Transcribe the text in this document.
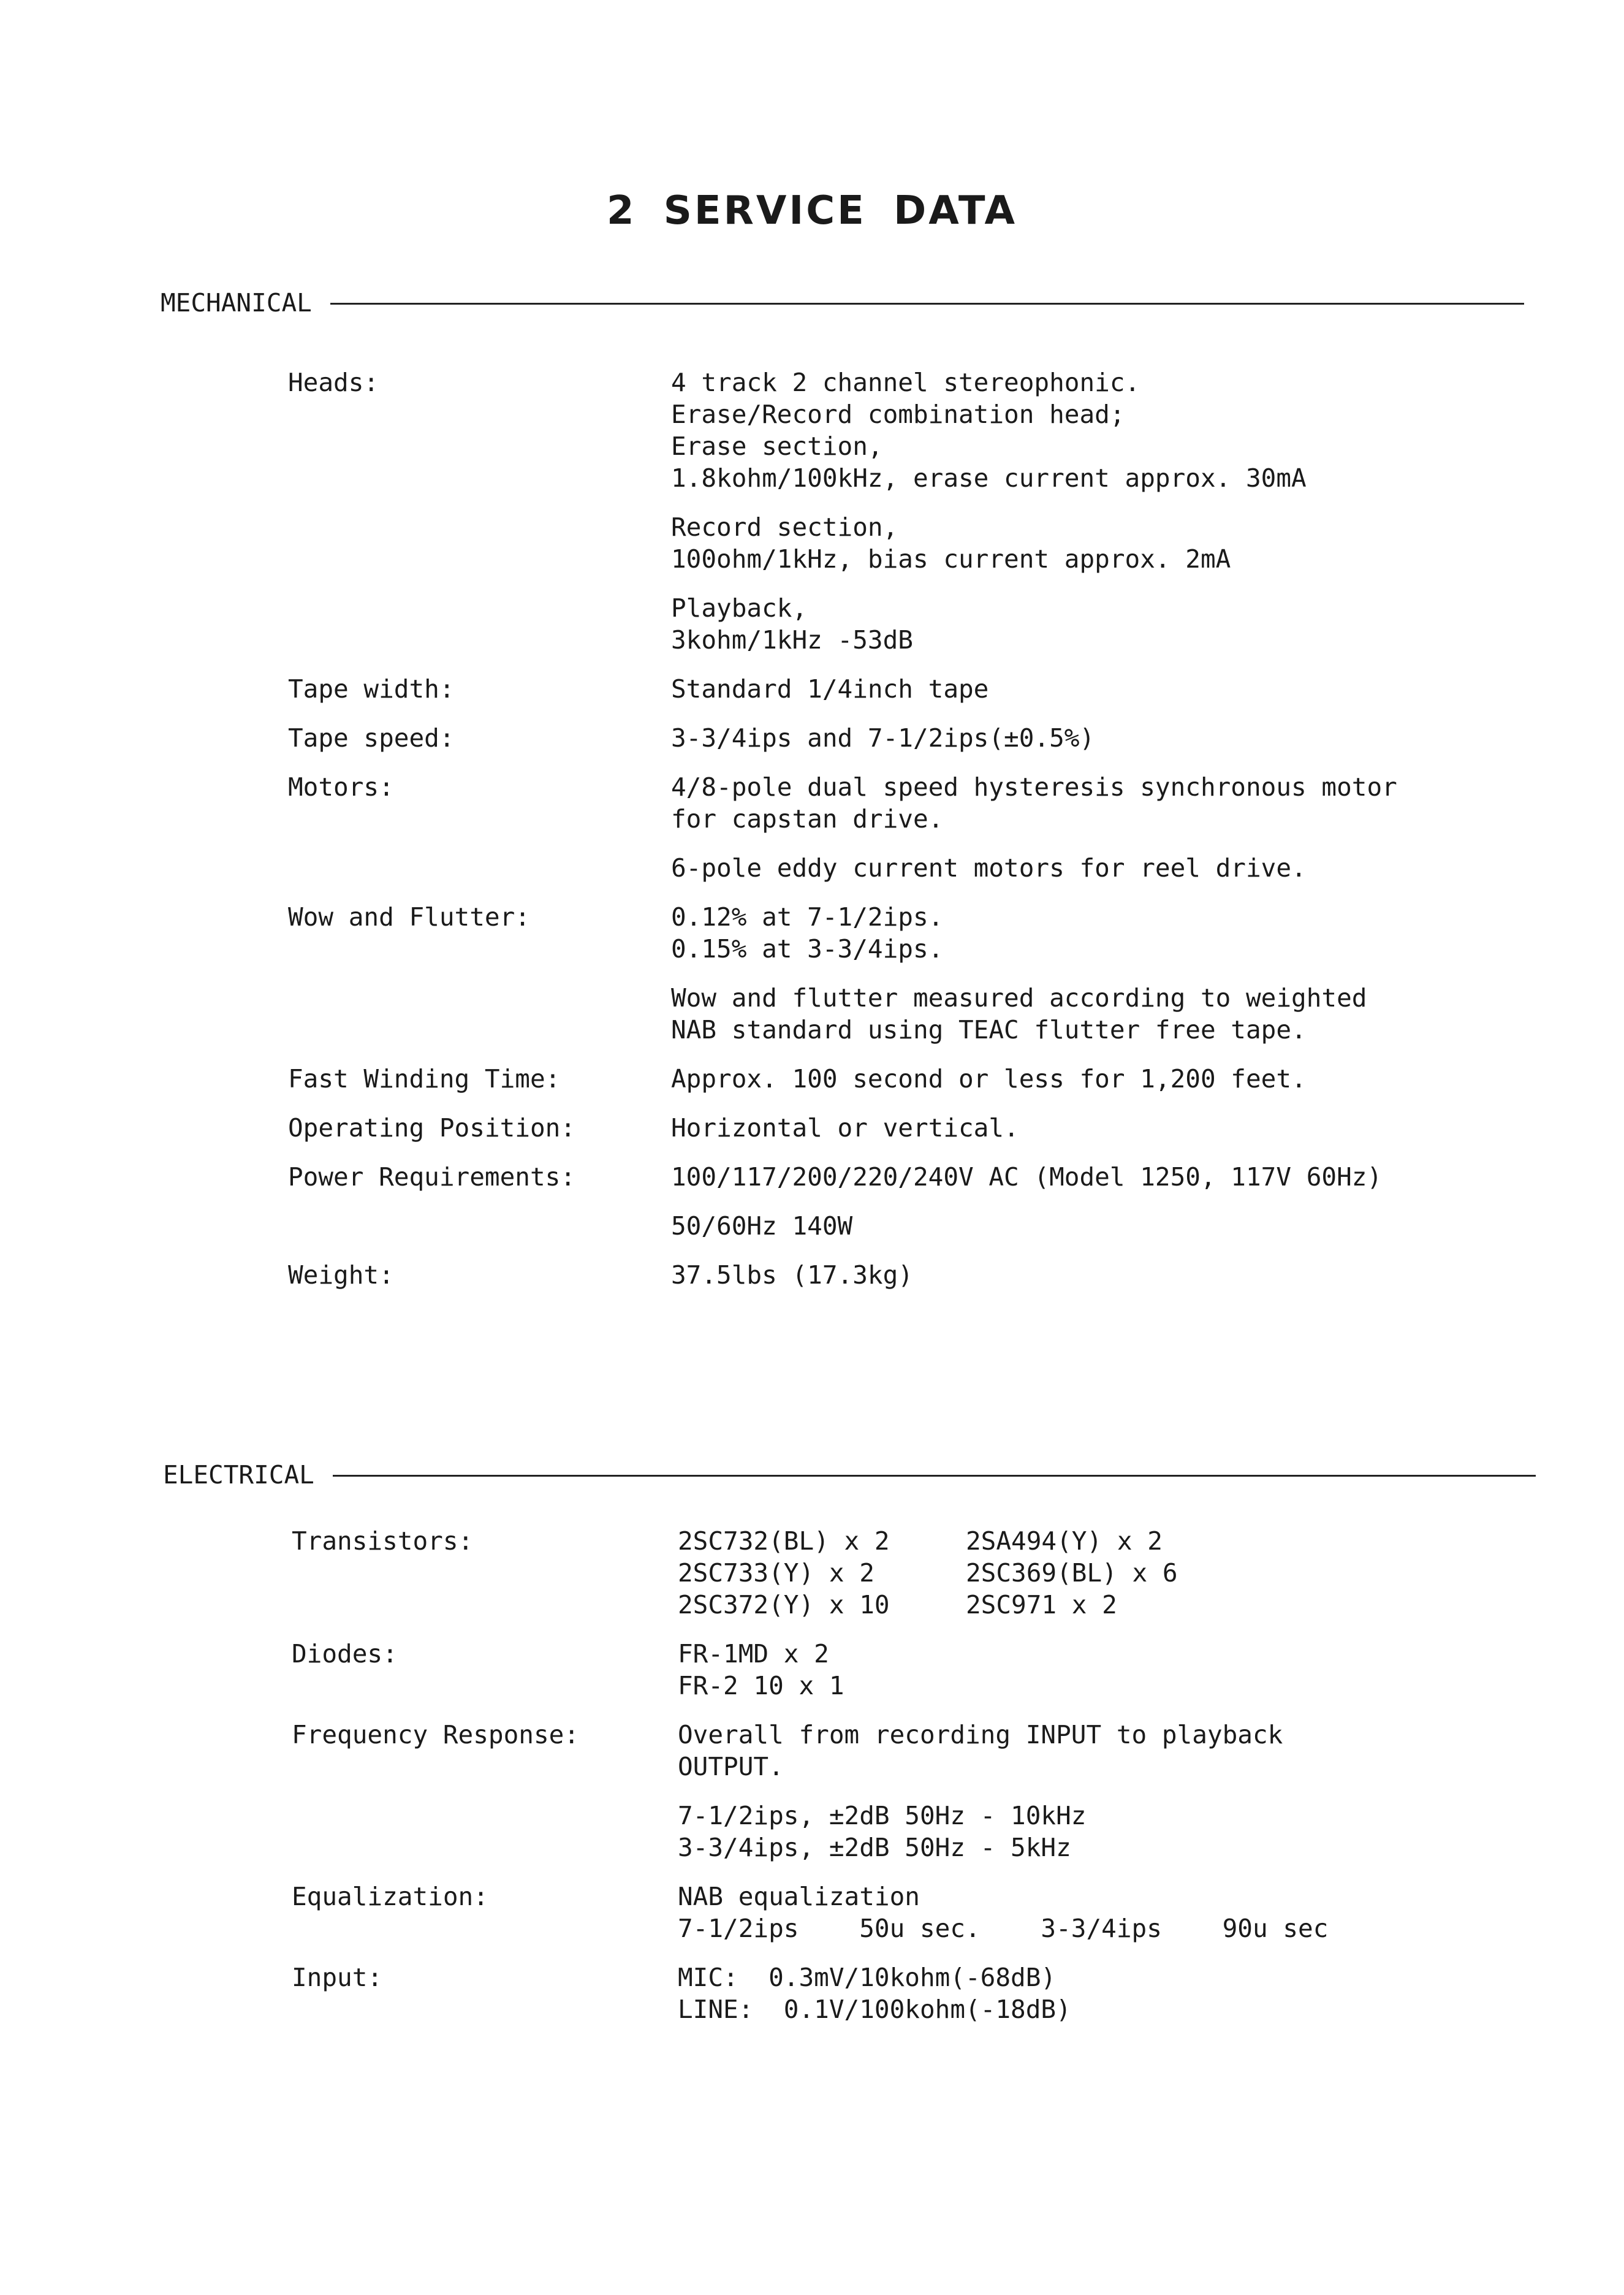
2 SERVICE DATA
MECHANICAL
Heads:	4 track 2 channel stereophonic.
Erase/Record combination head;
Erase section,
1.8kohm/100kHz, erase current approx. 30mA
Record section,
100ohm/1kHz, bias current approx. 2mA
Playback,
3kohm/1kHz -53dB
Tape width:	Standard 1/4inch tape
Tape speed:	3-3/4ips and 7-1/2ips(±0.5%)
Motors:	4/8-pole dual speed hysteresis synchronous motor
for capstan drive.
6-pole eddy current motors for reel drive.
Wow and Flutter:	0.12% at 7-1/2ips.
0.15% at 3-3/4ips.
Wow and flutter measured according to weighted
NAB standard using TEAC flutter free tape.
Fast Winding Time:	Approx. 100 second or less for 1,200 feet.
Operating Position:	Horizontal or vertical.
Power Requirements:	100/117/200/220/240V AC (Model 1250, 117V 60Hz)
50/60Hz 140W
Weight:	37.5lbs (17.3kg)
ELECTRICAL
Transistors:	2SC732(BL) x 2	2SA494(Y) x 2
2SC733(Y) x 2	2SC369(BL) x 6
2SC372(Y) x 10	2SC971 x 2
Diodes:	FR-1MD x 2
FR-2 10 x 1
Frequency Response:	Overall from recording INPUT to playback
OUTPUT.
7-1/2ips, ±2dB 50Hz - 10kHz
3-3/4ips, ±2dB 50Hz - 5kHz
Equalization:	NAB equalization
7-1/2ips    50u sec.    3-3/4ips    90u sec
Input:	MIC:  0.3mV/10kohm(-68dB)
LINE:  0.1V/100kohm(-18dB)
